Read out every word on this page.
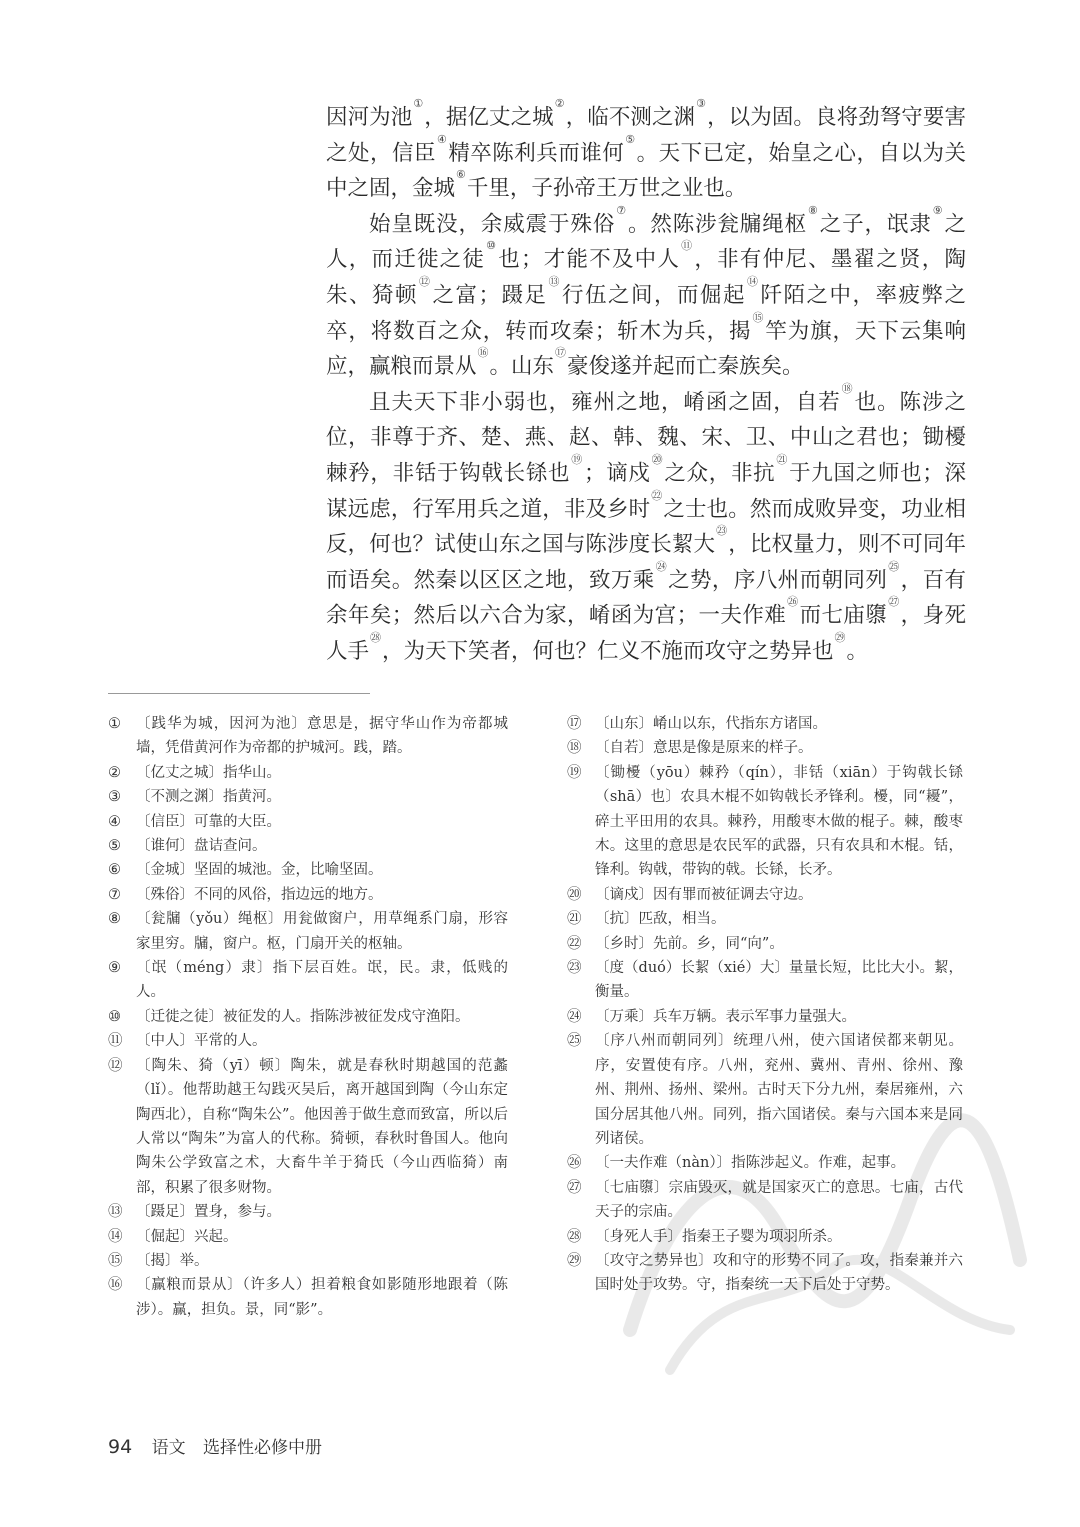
因河为池①，据亿丈之城②，临不测之渊③，以为固。良将劲弩守要害之处，信臣④精卒陈利兵而谁何⑤。天下已定，始皇之心，自以为关中之固，金城⑥千里，子孙帝王万世之业也。

始皇既没，余威震于殊俗⑦。然陈涉瓮牖绳枢⑧之子，氓隶⑨之人，而迁徙之徒⑩也；才能不及中人⑪，非有仲尼、墨翟之贤，陶朱、猗顿⑫之富；蹑足⑬行伍之间，而倔起⑭阡陌之中，率疲弊之卒，将数百之众，转而攻秦；斩木为兵，揭⑮竿为旗，天下云集响应，赢粮而景从⑯。山东⑰豪俊遂并起而亡秦族矣。

且夫天下非小弱也，雍州之地，崤函之固，自若⑱也。陈涉之位，非尊于齐、楚、燕、赵、韩、魏、宋、卫、中山之君也；锄櫌棘矜，非铦于钩戟长铩也⑲；谪戍⑳之众，非抗$^㉑$于九国之师也；深谋远虑，行军用兵之道，非及乡时$^㉒$之士也。然而成败异变，功业相反，何也？试使山东之国与陈涉度长絜大$^㉓$，比权量力，则不可同年而语矣。然秦以区区之地，致万乘$^㉔$之势，序八州而朝同列$^㉕$，百有余年矣；然后以六合为家，崤函为宫；一夫作难$^㉖$而七庙隳$^㉗$，身死人手$^㉘$，为天下笑者，何也？仁义不施而攻守之势异也$^㉙$。

①	〔践华为城，因河为池〕意思是，据守华山作为帝都城墙，凭借黄河作为帝都的护城河。践，踏。
②	〔亿丈之城〕指华山。
③	〔不测之渊〕指黄河。
④	〔信臣〕可靠的大臣。
⑤	〔谁何〕盘诘查问。
⑥	〔金城〕坚固的城池。金，比喻坚固。
⑦	〔殊俗〕不同的风俗，指边远的地方。
⑧	〔瓮牖（yǒu）绳枢〕用瓮做窗户，用草绳系门扇，形容家里穷。牖，窗户。枢，门扇开关的枢轴。
⑨	〔氓（méng）隶〕指下层百姓。氓，民。隶，低贱的人。
⑩	〔迁徙之徒〕被征发的人。指陈涉被征发戍守渔阳。
⑪ 〔中人〕平常的人。
⑫ 〔陶朱、猗（yī）顿〕陶朱，就是春秋时期越国的范蠡（lǐ）。他帮助越王勾践灭吴后，离开越国到陶（今山东定陶西北），自称“陶朱公”。他因善于做生意而致富，所以后人常以“陶朱”为富人的代称。猗顿，春秋时鲁国人。他向陶朱公学致富之术，大畜牛羊于猗氏（今山西临猗）南部，积累了很多财物。
⑬ 〔蹑足〕置身，参与。
⑭ 〔倔起〕兴起。
⑮ 〔揭〕举。
⑯ 〔赢粮而景从〕（许多人）担着粮食如影随形地跟着（陈涉）。赢，担负。景，同“影”。
⑰ 〔山东〕崤山以东，代指东方诸国。
⑱ 〔自若〕意思是像是原来的样子。
⑲ 〔锄櫌（yōu）棘矜（qín），非铦（xiān）于钩戟长铩（shā）也〕农具木棍不如钩戟长矛锋利。櫌，同“耰”，碎土平田用的农具。棘矜，用酸枣木做的棍子。棘，酸枣木。这里的意思是农民军的武器，只有农具和木棍。铦，锋利。钩戟，带钩的戟。长铩，长矛。
⑳ 〔谪戍〕因有罪而被征调去守边。
㉑ 〔抗〕匹敌，相当。
㉒ 〔乡时〕先前。乡，同“向”。
㉓ 〔度（duó）长絜（xié）大〕量量长短，比比大小。絜，衡量。
㉔ 〔万乘〕兵车万辆。表示军事力量强大。
㉕ 〔序八州而朝同列〕统理八州，使六国诸侯都来朝见。序，安置使有序。八州，兖州、冀州、青州、徐州、豫州、荆州、扬州、梁州。古时天下分九州，秦居雍州，六国分居其他八州。同列，指六国诸侯。秦与六国本来是同列诸侯。
㉖ 〔一夫作难（nàn）〕指陈涉起义。作难，起事。
㉗ 〔七庙隳〕宗庙毁灭，就是国家灭亡的意思。七庙，古代天子的宗庙。
㉘ 〔身死人手〕指秦王子婴为项羽所杀。
㉙ 〔攻守之势异也〕攻和守的形势不同了。攻，指秦兼并六国时处于攻势。守，指秦统一天下后处于守势。
94 语文 选择性必修中册
